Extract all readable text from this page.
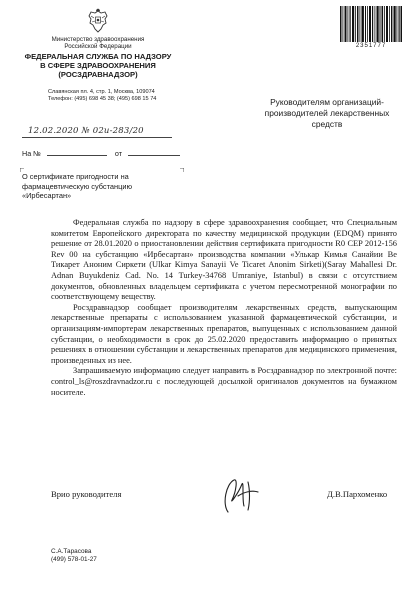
Министерство здравоохранения
Российской Федерации
ФЕДЕРАЛЬНАЯ СЛУЖБА ПО НАДЗОРУ
В СФЕРЕ ЗДРАВООХРАНЕНИЯ
(РОСЗДРАВНАДЗОР)
Славянская пл. 4, стр. 1, Москва, 109074
Телефон: (495) 698 45 38; (495) 698 15 74
2351777
Руководителям организаций-
производителей лекарственных
средств
12.02.2020 № 02и-283/20
На №	от
О сертификате пригодности на
фармацевтическую субстанцию
«Ирбесартан»

Федеральная служба по надзору в сфере здравоохранения сообщает, что Специальным комитетом Европейского директората по качеству медицинской продукции (EDQM) принято решение от 28.01.2020 о приостановлении действия сертификата пригодности R0 CEP 2012-156 Rev 00 на субстанцию «Ирбесартан» производства компании «Улькар Кимья Санайии Ве Тикарет Аноним Сиркети (Ulkar Kimya Sanayii Ve Ticaret Anonim Sirketi)(Saray Mahallesi Dr. Adnan Buyukdeniz Cad. No. 14 Turkey-34768 Umraniye, Istanbul) в связи с отсутствием документов, обновленных владельцем сертификата с учетом пересмотренной монографии по соответствующему веществу.

Росздравнадзор сообщает производителям лекарственных средств, выпускающим лекарственные препараты с использованием указанной фармацевтической субстанции, и организациям-импортерам лекарственных препаратов, выпущенных с использованием данной субстанции, о необходимости в срок до 25.02.2020 предоставить информацию о принятых решениях в отношении субстанции и лекарственных препаратов для медицинского применения, произведенных из нее.

Запрашиваемую информацию следует направить в Росздравнадзор по электронной почте: control_ls@roszdravnadzor.ru с последующей досылкой оригиналов документов на бумажном носителе.

Врио руководителя	Д.В.Пархоменко
С.А.Тарасова
(499) 578-01-27
